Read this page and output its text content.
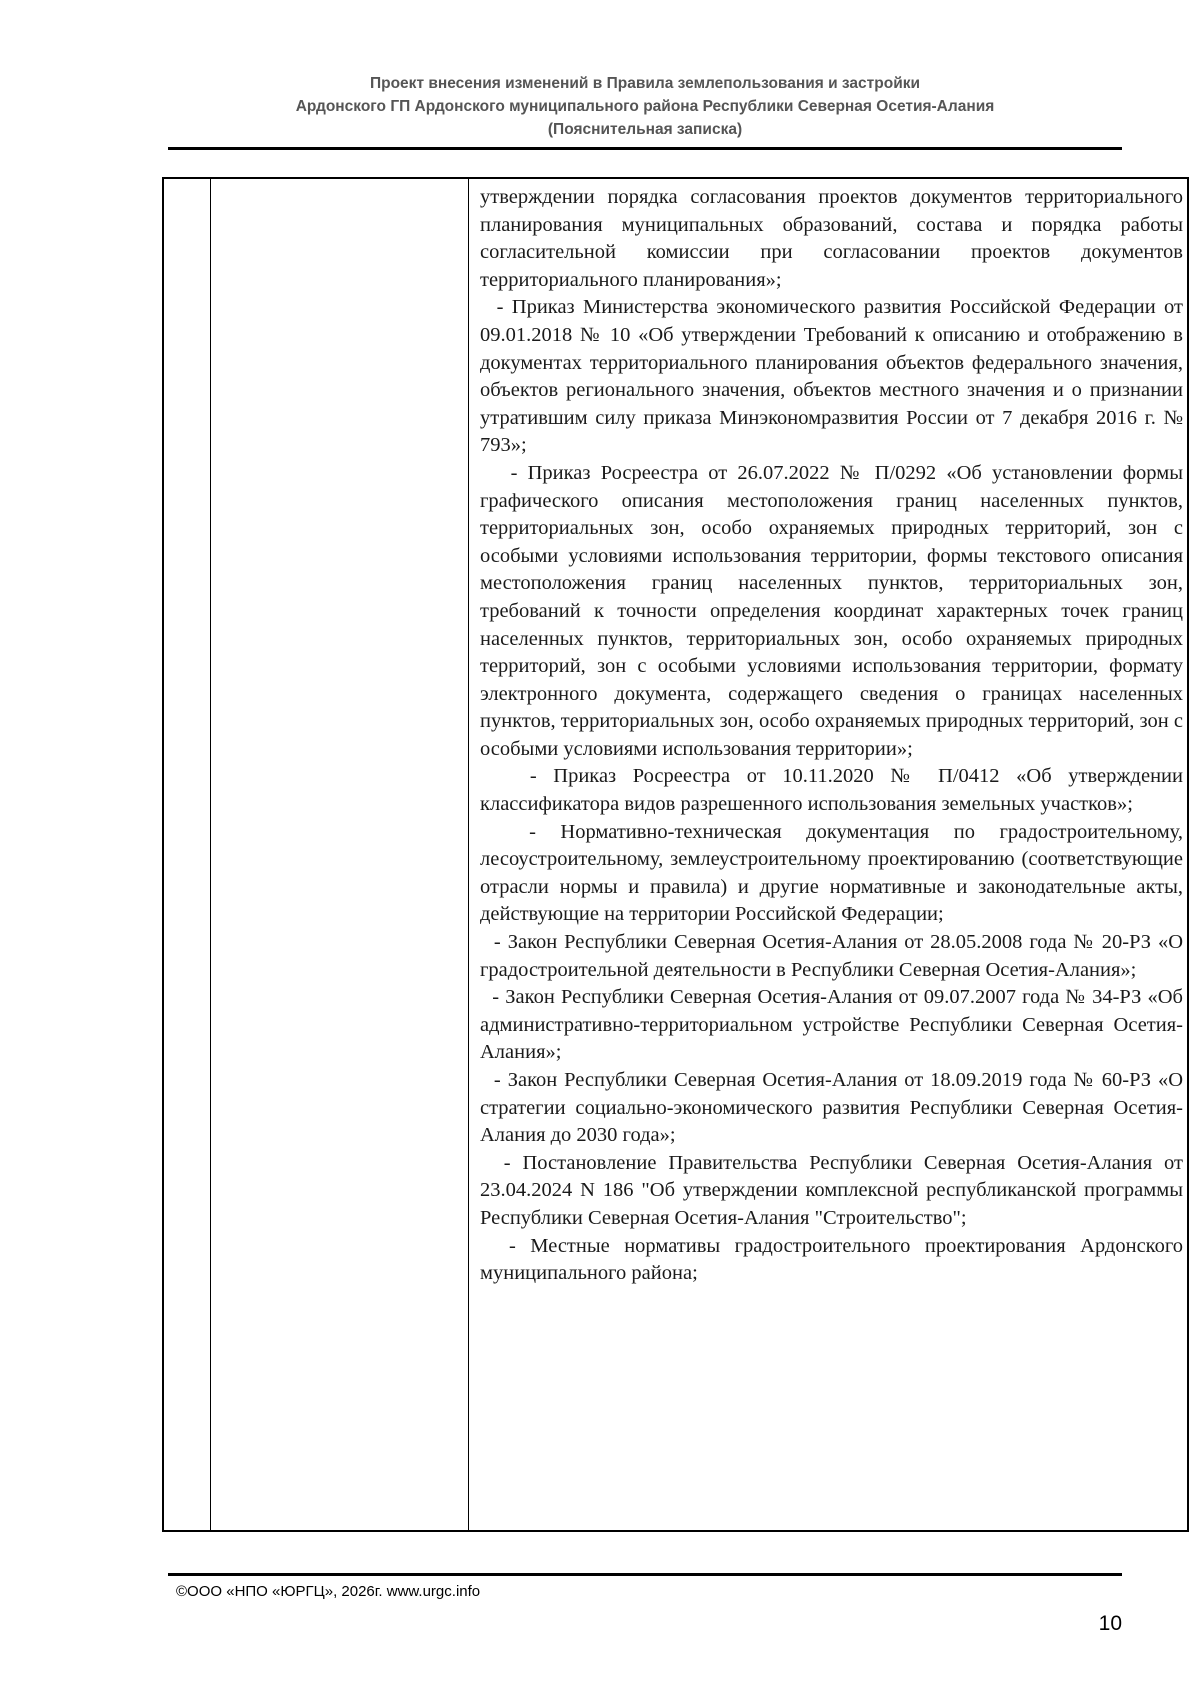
Проект внесения изменений в Правила землепользования и застройки
Ардонского ГП Ардонского муниципального района Республики Северная Осетия-Алания
(Пояснительная записка)

утверждении порядка согласования проектов документов территориального планирования муниципальных образований, состава и порядка работы согласительной комиссии при согласовании проектов документов территориального планирования»;

- Приказ Министерства экономического развития Российской Федерации от 09.01.2018 № 10 «Об утверждении Требований к описанию и отображению в документах территориального планирования объектов федерального значения, объектов регионального значения, объектов местного значения и о признании утратившим силу приказа Минэкономразвития России от 7 декабря 2016 г. № 793»;

- Приказ Росреестра от 26.07.2022 № П/0292 «Об установлении формы графического описания местоположения границ населенных пунктов, территориальных зон, особо охраняемых природных территорий, зон с особыми условиями использования территории, формы текстового описания местоположения границ населенных пунктов, территориальных зон, требований к точности определения координат характерных точек границ населенных пунктов, территориальных зон, особо охраняемых природных территорий, зон с особыми условиями использования территории, формату электронного документа, содержащего сведения о границах населенных пунктов, территориальных зон, особо охраняемых природных территорий, зон с особыми условиями использования территории»;

- Приказ Росреестра от 10.11.2020 № П/0412 «Об утверждении классификатора видов разрешенного использования земельных участков»;

- Нормативно-техническая документация по градостроительному, лесоустроительному, землеустроительному проектированию (соответствующие отрасли нормы и правила) и другие нормативные и законодательные акты, действующие на территории Российской Федерации;

- Закон Республики Северная Осетия-Алания от 28.05.2008 года № 20-РЗ «О градостроительной деятельности в Республики Северная Осетия-Алания»;

- Закон Республики Северная Осетия-Алания от 09.07.2007 года № 34-РЗ «Об административно-территориальном устройстве Республики Северная Осетия-Алания»;

- Закон Республики Северная Осетия-Алания от 18.09.2019 года № 60-РЗ «О стратегии социально-экономического развития Республики Северная Осетия-Алания до 2030 года»;

- Постановление Правительства Республики Северная Осетия-Алания от 23.04.2024 N 186 "Об утверждении комплексной республиканской программы Республики Северная Осетия-Алания "Строительство";

- Местные нормативы градостроительного проектирования Ардонского муниципального района;

©ООО «НПО «ЮРГЦ», 2026г. www.urgc.info
10
